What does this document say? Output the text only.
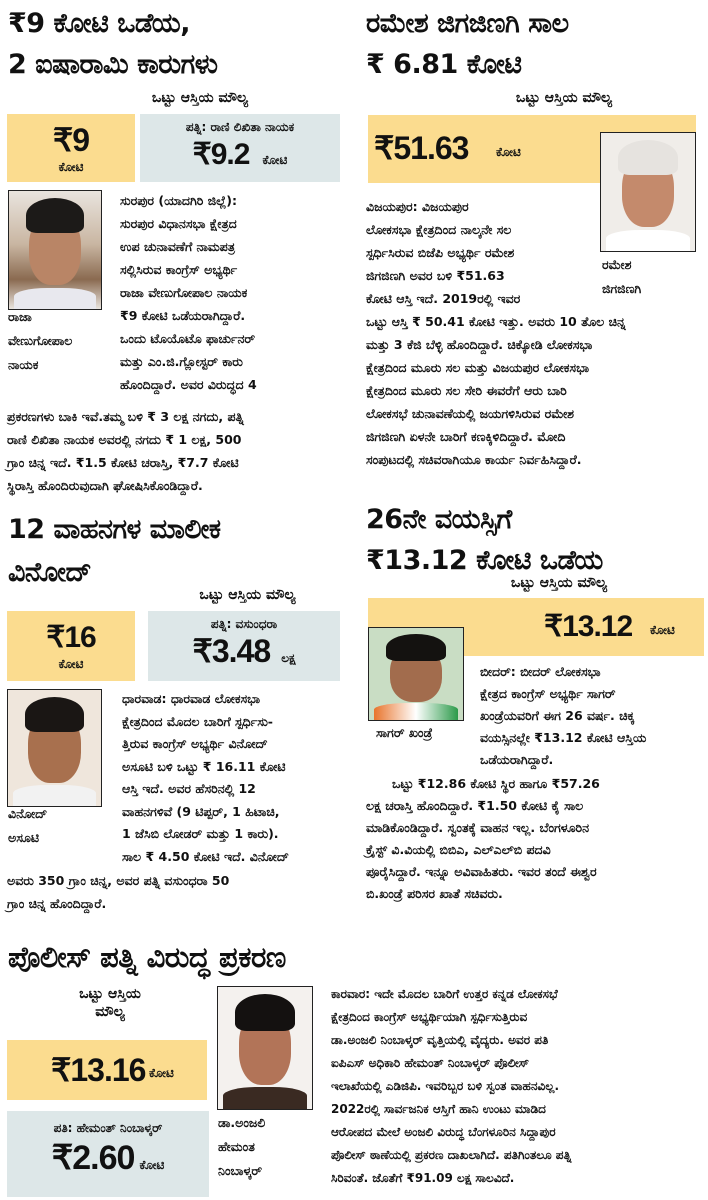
₹9 ಕೋಟಿ ಒಡೆಯ,
2 ಐಷಾರಾಮಿ ಕಾರುಗಳು
ಒಟ್ಟು ಆಸ್ತಿಯ ಮೌಲ್ಯ
₹9
ಕೋಟಿ
ಪತ್ನಿ: ರಾಣಿ ಲಿಖಿತಾ ನಾಯಕ
₹9.2 ಕೋಟಿ
ರಾಜಾ
ವೇಣುಗೋಪಾಲ
ನಾಯಕ

ಸುರಪುರ (ಯಾದಗಿರಿ ಜಿಲ್ಲೆ):

ಸುರಪುರ ವಿಧಾನಸಭಾ ಕ್ಷೇತ್ರದ

ಉಪ ಚುನಾವಣೆಗೆ ನಾಮಪತ್ರ

ಸಲ್ಲಿಸಿರುವ ಕಾಂಗ್ರೆಸ್ ಅಭ್ಯರ್ಥಿ

ರಾಜಾ ವೇಣುಗೋಪಾಲ ನಾಯಕ

₹9 ಕೋಟಿ ಒಡೆಯರಾಗಿದ್ದಾರೆ.

ಒಂದು ಟೊಯೊಟೊ ಫಾರ್ಚುನರ್

ಮತ್ತು ಎಂ.ಜಿ.ಗ್ಲೋಸ್ಟರ್ ಕಾರು

ಹೊಂದಿದ್ದಾರೆ. ಅವರ ವಿರುದ್ಧದ 4

ಪ್ರಕರಣಗಳು ಬಾಕಿ ಇವೆ.ತಮ್ಮ ಬಳಿ ₹ 3 ಲಕ್ಷ ನಗದು, ಪತ್ನಿ

ರಾಣಿ ಲಿಖಿತಾ ನಾಯಕ ಅವರಲ್ಲಿ ನಗದು ₹ 1 ಲಕ್ಷ, 500

ಗ್ರಾಂ ಚಿನ್ನ ಇದೆ. ₹1.5 ಕೋಟಿ ಚರಾಸ್ತಿ, ₹7.7 ಕೋಟಿ

ಸ್ಥಿರಾಸ್ತಿ ಹೊಂದಿರುವುದಾಗಿ ಘೋಷಿಸಿಕೊಂಡಿದ್ದಾರೆ.

ರಮೇಶ ಜಿಗಜಿಣಗಿ ಸಾಲ
₹ 6.81 ಕೋಟಿ
ಒಟ್ಟು ಆಸ್ತಿಯ ಮೌಲ್ಯ
₹51.63 ಕೋಟಿ
ರಮೇಶ
ಜಿಗಜಿಣಗಿ

ವಿಜಯಪುರ: ವಿಜಯಪುರ

ಲೋಕಸಭಾ ಕ್ಷೇತ್ರದಿಂದ ನಾಲ್ಕನೇ ಸಲ

ಸ್ಪರ್ಧಿಸಿರುವ ಬಿಜೆಪಿ ಅಭ್ಯರ್ಥಿ ರಮೇಶ

ಜಿಗಜಿಣಗಿ ಅವರ ಬಳಿ ₹51.63

ಕೋಟಿ ಆಸ್ತಿ ಇದೆ. 2019ರಲ್ಲಿ ಇವರ

ಒಟ್ಟು ಆಸ್ತಿ ₹ 50.41 ಕೋಟಿ ಇತ್ತು. ಅವರು 10 ತೊಲ ಚಿನ್ನ

ಮತ್ತು 3 ಕೆಜಿ ಬೆಳ್ಳಿ ಹೊಂದಿದ್ದಾರೆ. ಚಿಕ್ಕೋಡಿ ಲೋಕಸಭಾ

ಕ್ಷೇತ್ರದಿಂದ ಮೂರು ಸಲ ಮತ್ತು ವಿಜಯಪುರ ಲೋಕಸಭಾ

ಕ್ಷೇತ್ರದಿಂದ ಮೂರು ಸಲ ಸೇರಿ ಈವರೆಗೆ ಆರು ಬಾರಿ

ಲೋಕಸಭೆ ಚುನಾವಣೆಯಲ್ಲಿ ಜಯಗಳಿಸಿರುವ ರಮೇಶ

ಜಿಗಜಿಣಗಿ ಏಳನೇ ಬಾರಿಗೆ ಕಣಕ್ಕಿಳಿದಿದ್ದಾರೆ. ಮೋದಿ

ಸಂಪುಟದಲ್ಲಿ ಸಚಿವರಾಗಿಯೂ ಕಾರ್ಯ ನಿರ್ವಹಿಸಿದ್ದಾರೆ.

12 ವಾಹನಗಳ ಮಾಲೀಕ
ವಿನೋದ್
ಒಟ್ಟು ಆಸ್ತಿಯ ಮೌಲ್ಯ
₹16
ಕೋಟಿ
ಪತ್ನಿ: ವಸುಂಧರಾ
₹3.48 ಲಕ್ಷ
ವಿನೋದ್
ಅಸೂಟಿ

ಧಾರವಾಡ: ಧಾರವಾಡ ಲೋಕಸಭಾ

ಕ್ಷೇತ್ರದಿಂದ ಮೊದಲ ಬಾರಿಗೆ ಸ್ಪರ್ಧಿಸು-

ತ್ತಿರುವ ಕಾಂಗ್ರೆಸ್ ಅಭ್ಯರ್ಥಿ ವಿನೋದ್

ಅಸೂಟಿ ಬಳಿ ಒಟ್ಟು ₹ 16.11 ಕೋಟಿ

ಆಸ್ತಿ ಇದೆ. ಅವರ ಹೆಸರಿನಲ್ಲಿ 12

ವಾಹನಗಳಿವೆ (9 ಟಿಪ್ಪರ್, 1 ಹಿಟಾಚಿ,

1 ಜೆಸಿಬಿ ಲೋಡರ್ ಮತ್ತು 1 ಕಾರು).

ಸಾಲ ₹ 4.50 ಕೋಟಿ ಇದೆ. ವಿನೋದ್

ಅವರು 350 ಗ್ರಾಂ ಚಿನ್ನ, ಅವರ ಪತ್ನಿ ವಸುಂಧರಾ 50

ಗ್ರಾಂ ಚಿನ್ನ ಹೊಂದಿದ್ದಾರೆ.

26ನೇ ವಯಸ್ಸಿಗೆ
₹13.12 ಕೋಟಿ ಒಡೆಯ
ಒಟ್ಟು ಆಸ್ತಿಯ ಮೌಲ್ಯ
₹13.12 ಕೋಟಿ
ಸಾಗರ್ ಖಂಡ್ರೆ

ಬೀದರ್: ಬೀದರ್ ಲೋಕಸಭಾ

ಕ್ಷೇತ್ರದ ಕಾಂಗ್ರೆಸ್ ಅಭ್ಯರ್ಥಿ ಸಾಗರ್

ಖಂಡ್ರೆಯವರಿಗೆ ಈಗ 26 ವರ್ಷ. ಚಿಕ್ಕ

ವಯಸ್ಸಿನಲ್ಲೇ ₹13.12 ಕೋಟಿ ಆಸ್ತಿಯ

ಒಡೆಯರಾಗಿದ್ದಾರೆ.

ಒಟ್ಟು ₹12.86 ಕೋಟಿ ಸ್ಥಿರ ಹಾಗೂ ₹57.26

ಲಕ್ಷ ಚರಾಸ್ತಿ ಹೊಂದಿದ್ದಾರೆ. ₹1.50 ಕೋಟಿ ಕೈ ಸಾಲ

ಮಾಡಿಕೊಂಡಿದ್ದಾರೆ. ಸ್ವಂತಕ್ಕೆ ವಾಹನ ಇಲ್ಲ. ಬೆಂಗಳೂರಿನ

ಕ್ರೈಸ್ಟ್ ವಿ.ವಿಯಲ್ಲಿ ಬಿಬಿಎ, ಎಲ್‌ಎಲ್‌ಬಿ ಪದವಿ

ಪೂರೈಸಿದ್ದಾರೆ. ಇನ್ನೂ ಅವಿವಾಹಿತರು. ಇವರ ತಂದೆ ಈಶ್ವರ

ಬಿ.ಖಂಡ್ರೆ ಪರಿಸರ ಖಾತೆ ಸಚಿವರು.

ಪೊಲೀಸ್ ಪತ್ನಿ ವಿರುದ್ಧ ಪ್ರಕರಣ
ಒಟ್ಟು ಆಸ್ತಿಯ
ಮೌಲ್ಯ
₹13.16 ಕೋಟಿ
ಪತಿ: ಹೇಮಂತ್ ನಿಂಬಾಳ್ಕರ್
₹2.60 ಕೋಟಿ
ಡಾ.ಅಂಜಲಿ
ಹೇಮಂತ
ನಿಂಬಾಳ್ಕರ್

ಕಾರವಾರ: ಇದೇ ಮೊದಲ ಬಾರಿಗೆ ಉತ್ತರ ಕನ್ನಡ ಲೋಕಸಭೆ

ಕ್ಷೇತ್ರದಿಂದ ಕಾಂಗ್ರೆಸ್ ಅಭ್ಯರ್ಥಿಯಾಗಿ ಸ್ಪರ್ಧಿಸುತ್ತಿರುವ

ಡಾ.ಅಂಜಲಿ ನಿಂಬಾಳ್ಕರ್ ವೃತ್ತಿಯಲ್ಲಿ ವೈದ್ಯರು. ಅವರ ಪತಿ

ಐಪಿಎಸ್ ಅಧಿಕಾರಿ ಹೇಮಂತ್ ನಿಂಬಾಳ್ಕರ್ ಪೊಲೀಸ್

ಇಲಾಖೆಯಲ್ಲಿ ಎಡಿಜಿಪಿ. ಇವರಿಬ್ಬರ ಬಳಿ ಸ್ವಂತ ವಾಹನವಿಲ್ಲ.

2022ರಲ್ಲಿ ಸಾರ್ವಜನಿಕ ಆಸ್ತಿಗೆ ಹಾನಿ ಉಂಟು ಮಾಡಿದ

ಆರೋಪದ ಮೇಲೆ ಅಂಜಲಿ ವಿರುದ್ಧ ಬೆಂಗಳೂರಿನ ಸಿದ್ದಾಪುರ

ಪೊಲೀಸ್ ಠಾಣೆಯಲ್ಲಿ ಪ್ರಕರಣ ದಾಖಲಾಗಿದೆ. ಪತಿಗಿಂತಲೂ ಪತ್ನಿ

ಸಿರಿವಂತೆ. ಜೊತೆಗೆ ₹91.09 ಲಕ್ಷ ಸಾಲವಿದೆ.
